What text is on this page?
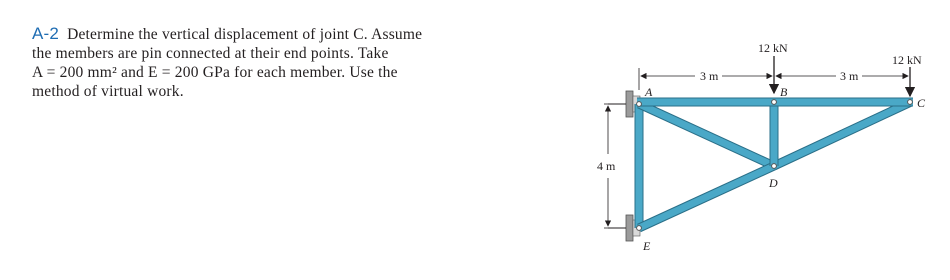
A-2 Determine the vertical displacement of joint C. Assume
the members are pin connected at their end points. Take
A = 200 mm² and E = 200 GPa for each member. Use the
method of virtual work.
12 kN
12 kN
3 m	3 m
4 m
A	B
C
D
E
